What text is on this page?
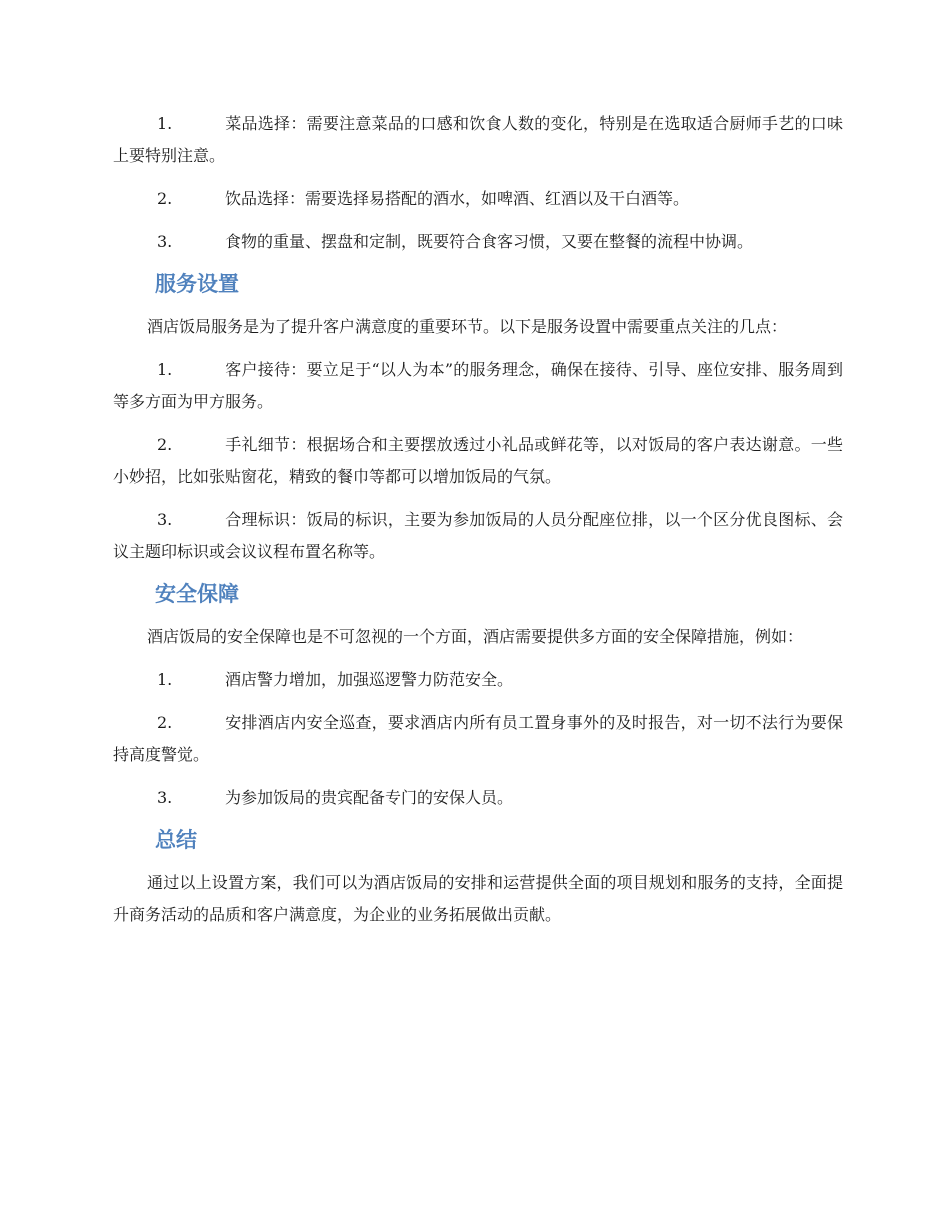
1.	菜品选择：需要注意菜品的口感和饮食人数的变化，特别是在选取适合厨师手艺的口味上要特别注意。
2.	饮品选择：需要选择易搭配的酒水，如啤酒、红酒以及干白酒等。
3.	食物的重量、摆盘和定制，既要符合食客习惯，又要在整餐的流程中协调。
服务设置
酒店饭局服务是为了提升客户满意度的重要环节。以下是服务设置中需要重点关注的几点：
1.	客户接待：要立足于“以人为本”的服务理念，确保在接待、引导、座位安排、服务周到等多方面为甲方服务。
2.	手礼细节：根据场合和主要摆放透过小礼品或鲜花等，以对饭局的客户表达谢意。一些小妙招，比如张贴窗花，精致的餐巾等都可以增加饭局的气氛。
3.	合理标识：饭局的标识，主要为参加饭局的人员分配座位排，以一个区分优良图标、会议主题印标识或会议议程布置名称等。
安全保障
酒店饭局的安全保障也是不可忽视的一个方面，酒店需要提供多方面的安全保障措施，例如：
1.	酒店警力增加，加强巡逻警力防范安全。
2.	安排酒店内安全巡查，要求酒店内所有员工置身事外的及时报告，对一切不法行为要保持高度警觉。
3.	为参加饭局的贵宾配备专门的安保人员。
总结
通过以上设置方案，我们可以为酒店饭局的安排和运营提供全面的项目规划和服务的支持，全面提升商务活动的品质和客户满意度，为企业的业务拓展做出贡献。
